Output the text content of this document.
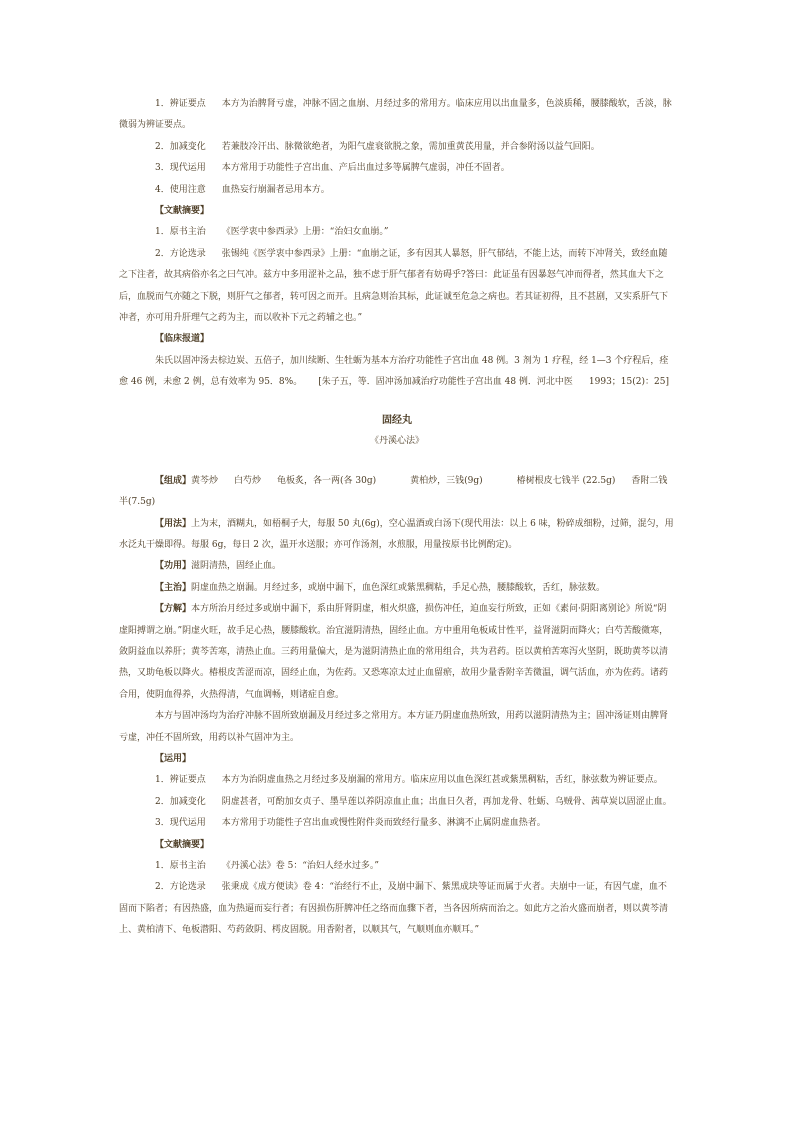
1．辨证要点 本方为治脾肾亏虚，冲脉不固之血崩、月经过多的常用方。临床应用以出血量多，色淡质稀，腰膝酸软，舌淡，脉微弱为辨证要点。

2．加减变化 若兼肢冷汗出、脉微欲绝者，为阳气虚衰欲脱之象，需加重黄芪用量，并合参附汤以益气回阳。

3．现代运用 本方常用于功能性子宫出血、产后出血过多等属脾气虚弱，冲任不固者。

4．使用注意 血热妄行崩漏者忌用本方。

【文献摘要】

1．原书主治 《医学衷中参西录》上册：“治妇女血崩。”

2．方论选录 张锡纯《医学衷中参西录》上册：“血崩之证，多有因其人暴怒，肝气郁结，不能上达，而转下冲肾关，致经血随之下注者，故其病俗亦名之曰气冲。兹方中多用涩补之品，独不虑于肝气郁者有妨碍乎?答曰：此证虽有因暴怒气冲而得者，然其血大下之后，血脱而气亦随之下脱，则肝气之郁者，转可因之而开。且病急则治其标，此证诚至危急之病也。若其证初得，且不甚剧，又实系肝气下冲者，亦可用升肝理气之药为主，而以收补下元之药辅之也。”

【临床报道】

朱氏以固冲汤去棕边炭、五倍子，加川续断、生牡蛎为基本方治疗功能性子宫出血 48 例。3 剂为 1 疗程，经 1—3 个疗程后，痊愈 46 例，未愈 2 例，总有效率为 95．8%。 [朱子五，等．固冲汤加减治疗功能性子宫出血 48 例．河北中医 1993；15(2)：25]

固经丸
《丹溪心法》

【组成】黄芩炒 白芍炒 龟板炙，各一两(各 30g)	黄柏炒，三钱(9g)	椿树根皮七钱半 (22.5g) 香附二钱半(7.5g)

【用法】上为末，酒糊丸，如梧桐子大，每服 50 丸(6g)，空心温酒或白汤下(现代用法：以上 6 味，粉碎成细粉，过筛，混匀，用水泛丸干燥即得。每服 6g，每日 2 次，温开水送服；亦可作汤剂，水煎服，用量按原书比例酌定)。

【功用】滋阴清热，固经止血。

【主治】阴虚血热之崩漏。月经过多，或崩中漏下，血色深红或紫黑稠粘，手足心热，腰膝酸软，舌红，脉弦数。

【方解】本方所治月经过多或崩中漏下，系由肝肾阴虚，相火炽盛，损伤冲任，迫血妄行所致，正如《素问·阴阳离别论》所说“阴虚阳搏谓之崩。”阴虚火旺，故手足心热，腰膝酸软。治宜滋阴清热，固经止血。方中重用龟板咸甘性平，益肾滋阴而降火；白芍苦酸微寒，敛阴益血以养肝；黄芩苦寒，清热止血。三药用量偏大，是为滋阴清热止血的常用组合，共为君药。臣以黄柏苦寒泻火坚阴，既助黄芩以清热，又助龟板以降火。椿根皮苦涩而凉，固经止血，为佐药。又恐寒凉太过止血留瘀，故用少量香附辛苦微温，调气活血，亦为佐药。诸药合用，使阴血得养，火热得清，气血调畅，则诸症自愈。

本方与固冲汤均为治疗冲脉不固所致崩漏及月经过多之常用方。本方证乃阴虚血热所致，用药以滋阴清热为主；固冲汤证则由脾肾亏虚，冲任不固所致，用药以补气固冲为主。

【运用】

1．辨证要点 本方为治阴虚血热之月经过多及崩漏的常用方。临床应用以血色深红甚或紫黑稠粘，舌红，脉弦数为辨证要点。

2．加减变化 阴虚甚者，可酌加女贞子、墨旱莲以养阴凉血止血；出血日久者，再加龙骨、牡蛎、乌贼骨、茜草炭以固涩止血。

3．现代运用 本方常用于功能性子宫出血或慢性附件炎而致经行量多、淋漓不止属阴虚血热者。

【文献摘要】

1．原书主治 《丹溪心法》卷 5：“治妇人经水过多。”

2．方论选录 张秉成《成方便读》卷 4：“治经行不止，及崩中漏下、紫黑成块等证而属于火者。夫崩中一证，有因气虚，血不固而下陷者；有因热盛，血为热逼而妄行者；有因损伤肝脾冲任之络而血骤下者，当各因所病而治之。如此方之治火盛而崩者，则以黄芩清上、黄柏清下、龟板潜阳、芍药敛阴、樗皮固脱。用香附者，以顺其气，气顺则血亦顺耳。”
